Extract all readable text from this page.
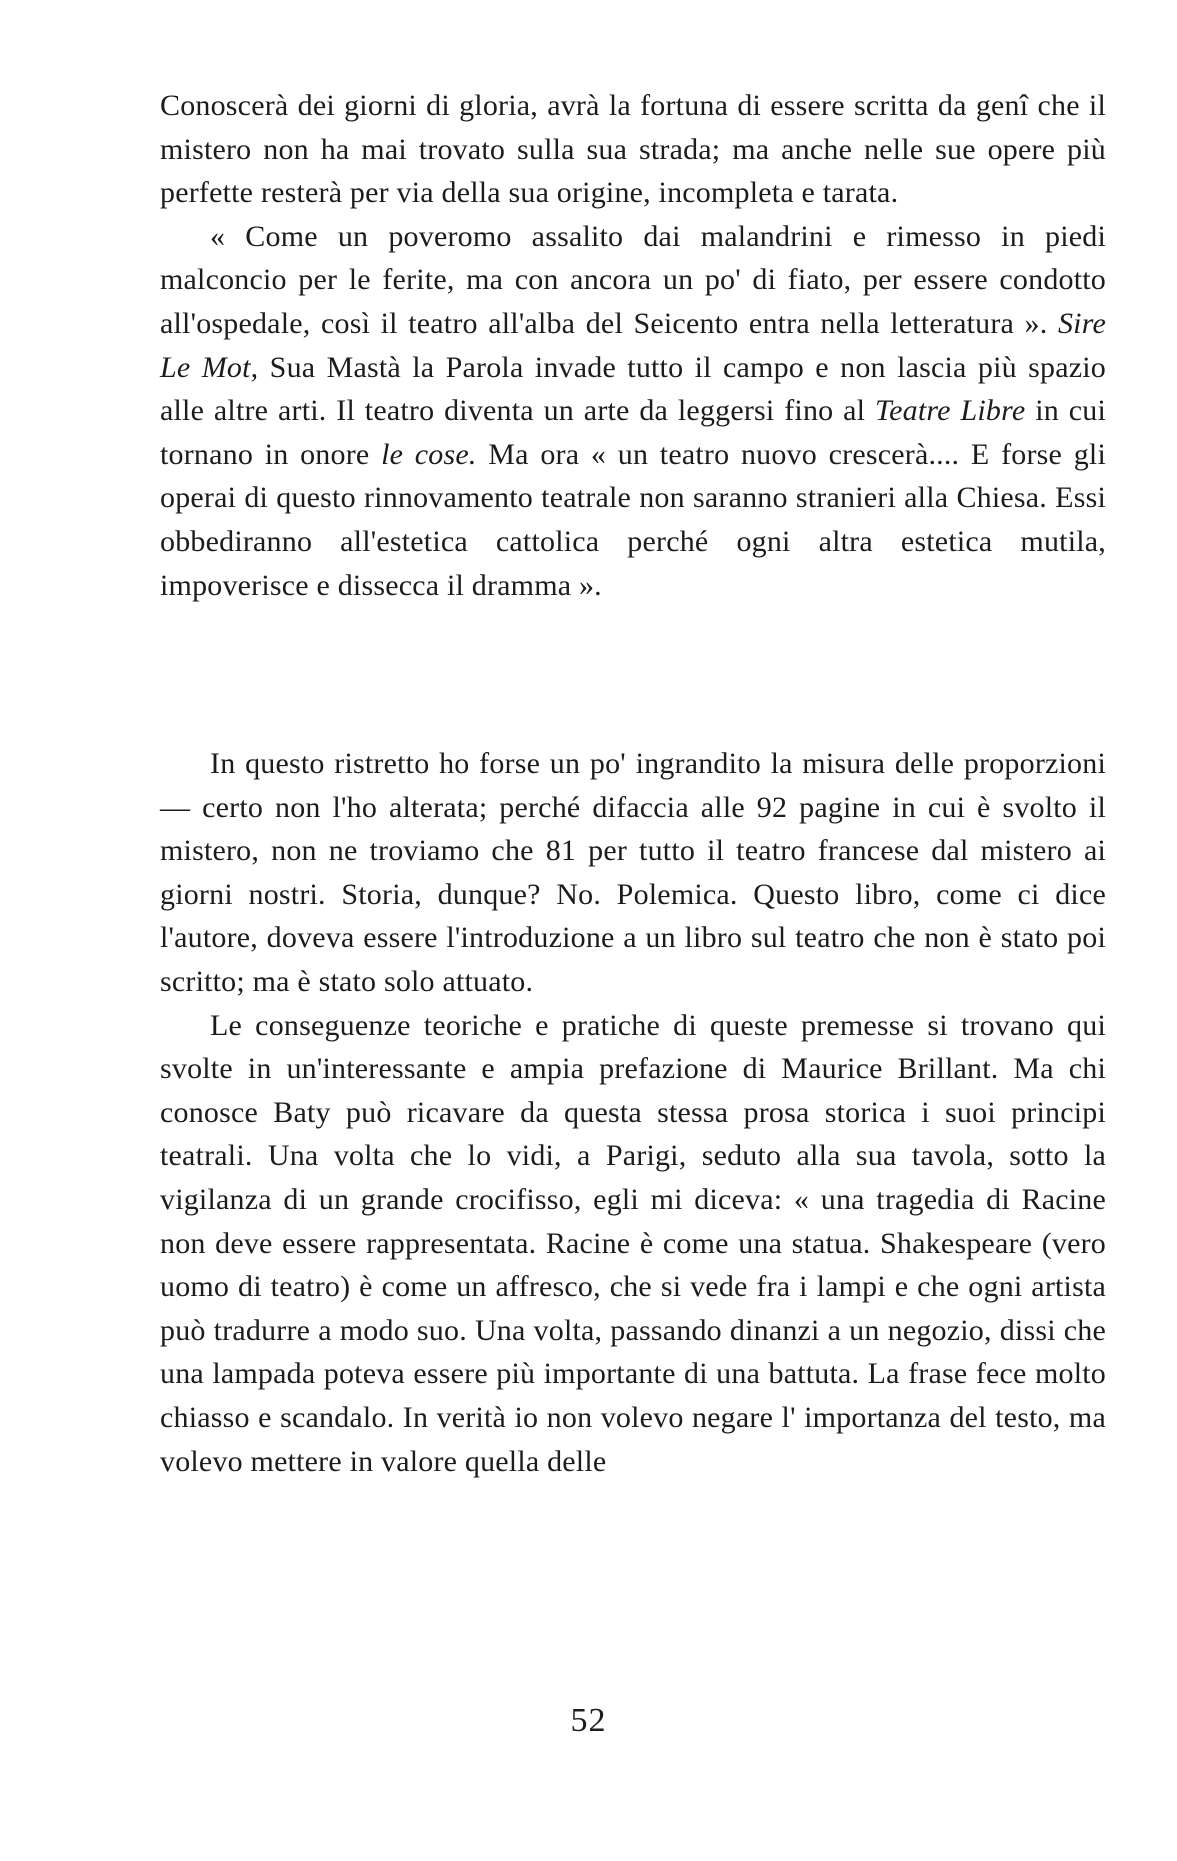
Conoscerà dei giorni di gloria, avrà la fortuna di essere scritta da genî che il mistero non ha mai trovato sulla sua strada; ma anche nelle sue opere più perfette resterà per via della sua origine, incompleta e tarata.

« Come un poveromo assalito dai malandrini e rimesso in piedi malconcio per le ferite, ma con ancora un po' di fiato, per essere condotto all'ospedale, così il teatro all'alba del Seicento entra nella letteratura ». Sire Le Mot, Sua Mastà la Parola invade tutto il campo e non lascia più spazio alle altre arti. Il teatro diventa un arte da leggersi fino al Teatre Libre in cui tornano in onore le cose. Ma ora « un teatro nuovo crescerà.... E forse gli operai di questo rinnovamento teatrale non saranno stranieri alla Chiesa. Essi obbediranno all'estetica cattolica perché ogni altra estetica mutila, impoverisce e dissecca il dramma ».

In questo ristretto ho forse un po' ingrandito la misura delle proporzioni — certo non l'ho alterata; perché difaccia alle 92 pagine in cui è svolto il mistero, non ne troviamo che 81 per tutto il teatro francese dal mistero ai giorni nostri. Storia, dunque? No. Polemica. Questo libro, come ci dice l'autore, doveva essere l'introduzione a un libro sul teatro che non è stato poi scritto; ma è stato solo attuato.

Le conseguenze teoriche e pratiche di queste premesse si trovano qui svolte in un'interessante e ampia prefazione di Maurice Brillant. Ma chi conosce Baty può ricavare da questa stessa prosa storica i suoi principi teatrali. Una volta che lo vidi, a Parigi, seduto alla sua tavola, sotto la vigilanza di un grande crocifisso, egli mi diceva: « una tragedia di Racine non deve essere rappresentata. Racine è come una statua. Shakespeare (vero uomo di teatro) è come un affresco, che si vede fra i lampi e che ogni artista può tradurre a modo suo. Una volta, passando dinanzi a un negozio, dissi che una lampada poteva essere più importante di una battuta. La frase fece molto chiasso e scandalo. In verità io non volevo negare l' importanza del testo, ma volevo mettere in valore quella delle

52
